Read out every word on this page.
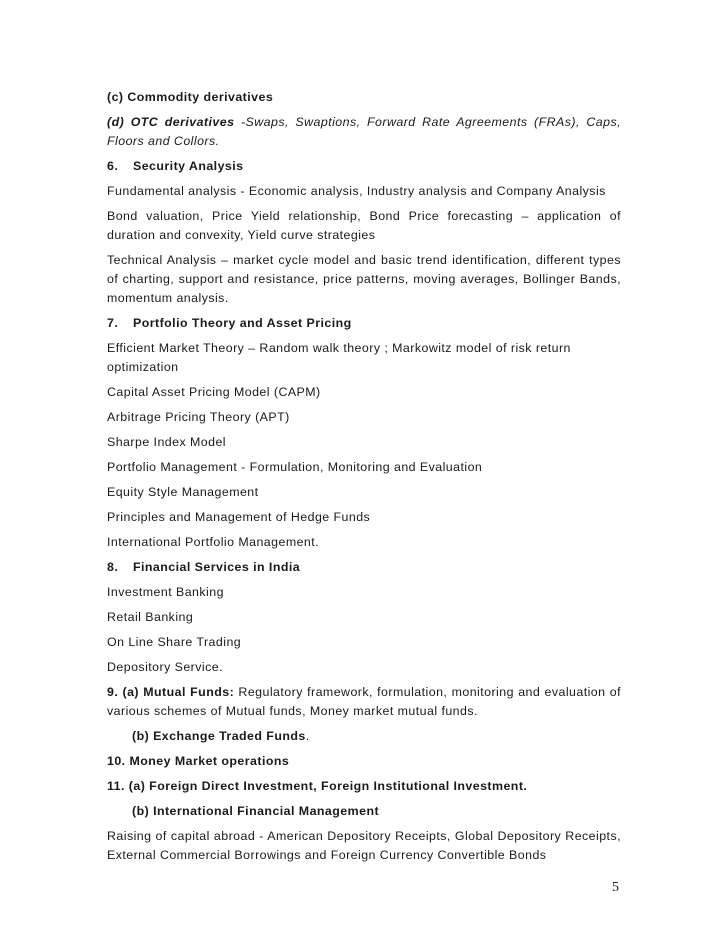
(c) Commodity derivatives

(d) OTC derivatives -Swaps, Swaptions, Forward Rate Agreements (FRAs), Caps, Floors and Collors.

6. Security Analysis

Fundamental analysis - Economic analysis, Industry analysis and Company Analysis

Bond valuation, Price Yield relationship, Bond Price forecasting – application of duration and convexity, Yield curve strategies

Technical Analysis – market cycle model and basic trend identification, different types of charting, support and resistance, price patterns, moving averages, Bollinger Bands, momentum analysis.

7. Portfolio Theory and Asset Pricing

Efficient Market Theory – Random walk theory ; Markowitz model of risk return optimization

Capital Asset Pricing Model (CAPM)

Arbitrage Pricing Theory (APT)

Sharpe Index Model

Portfolio Management - Formulation, Monitoring and Evaluation

Equity Style Management

Principles and Management of Hedge Funds

International Portfolio Management.

8. Financial Services in India

Investment Banking

Retail Banking

On Line Share Trading

Depository Service.

9. (a) Mutual Funds: Regulatory framework, formulation, monitoring and evaluation of various schemes of Mutual funds, Money market mutual funds.

(b) Exchange Traded Funds.

10. Money Market operations

11. (a) Foreign Direct Investment, Foreign Institutional Investment.

(b) International Financial Management

Raising of capital abroad - American Depository Receipts, Global Depository Receipts, External Commercial Borrowings and Foreign Currency Convertible Bonds

5
